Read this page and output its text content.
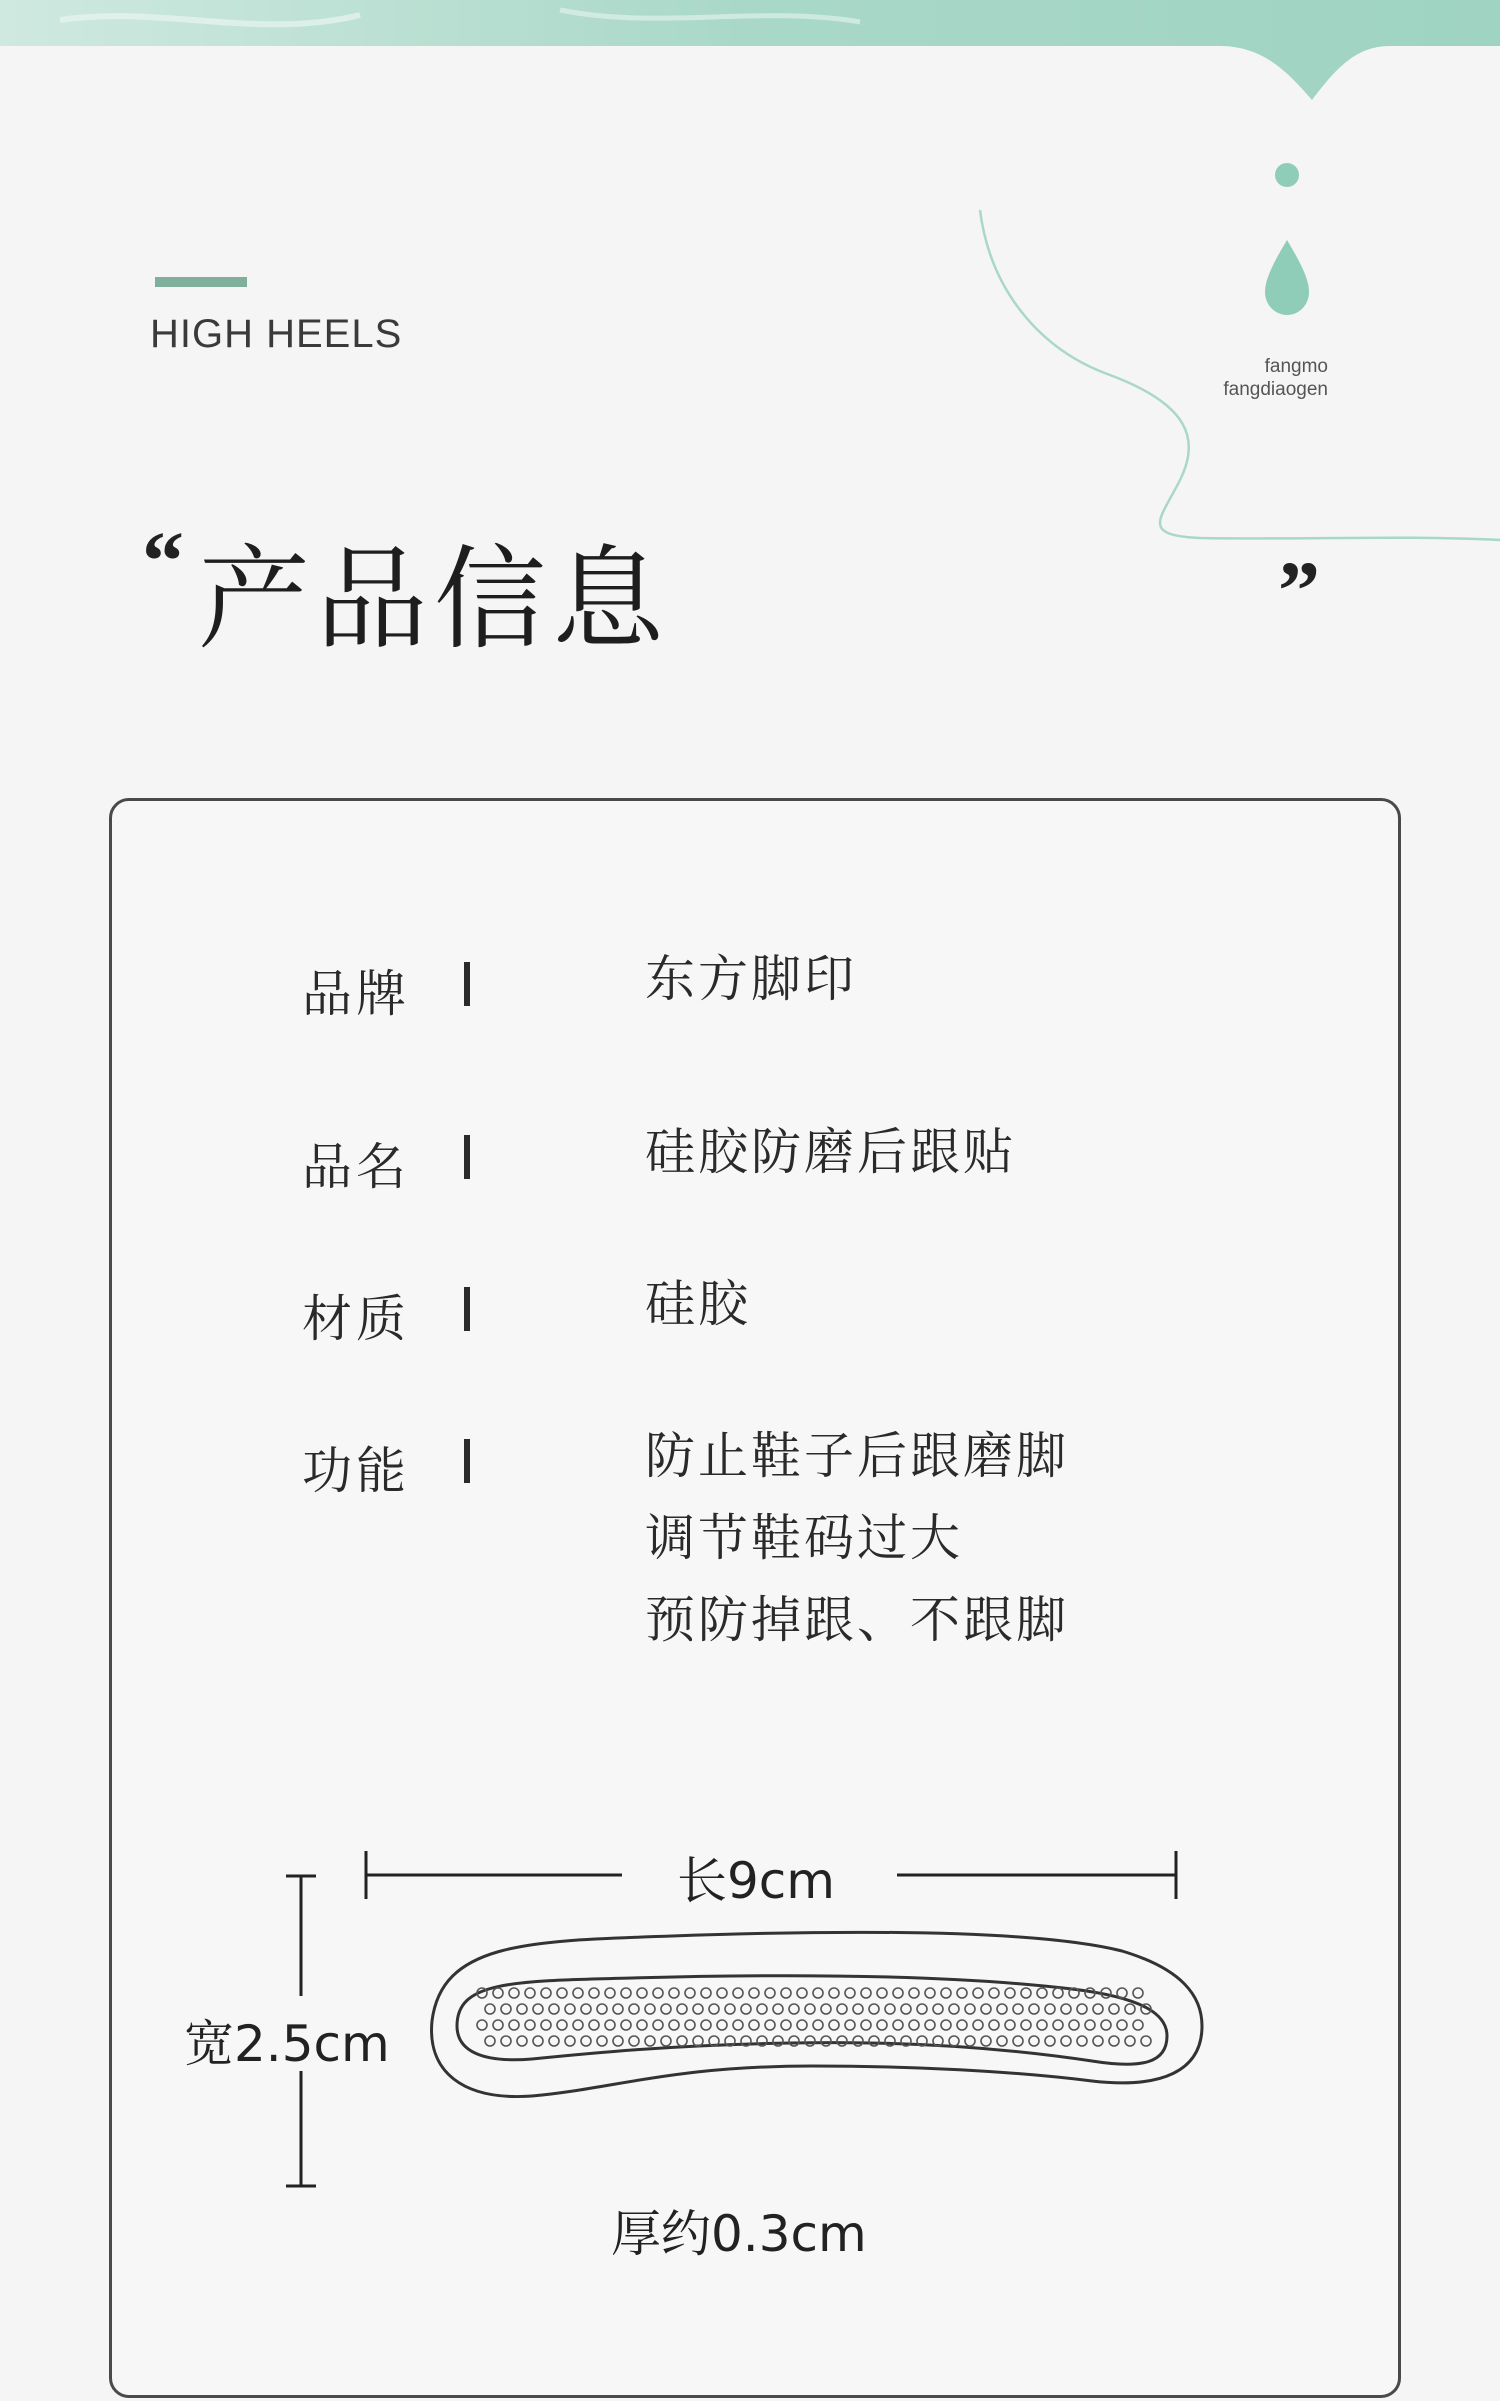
HIGH HEELS
fangmo
fangdiaogen
“ 产品信息	”
品牌	东方脚印
品名	硅胶防磨后跟贴
材质	硅胶
功能	防止鞋子后跟磨脚
调节鞋码过大
预防掉跟、不跟脚
长9cm
宽2.5cm
厚约0.3cm
